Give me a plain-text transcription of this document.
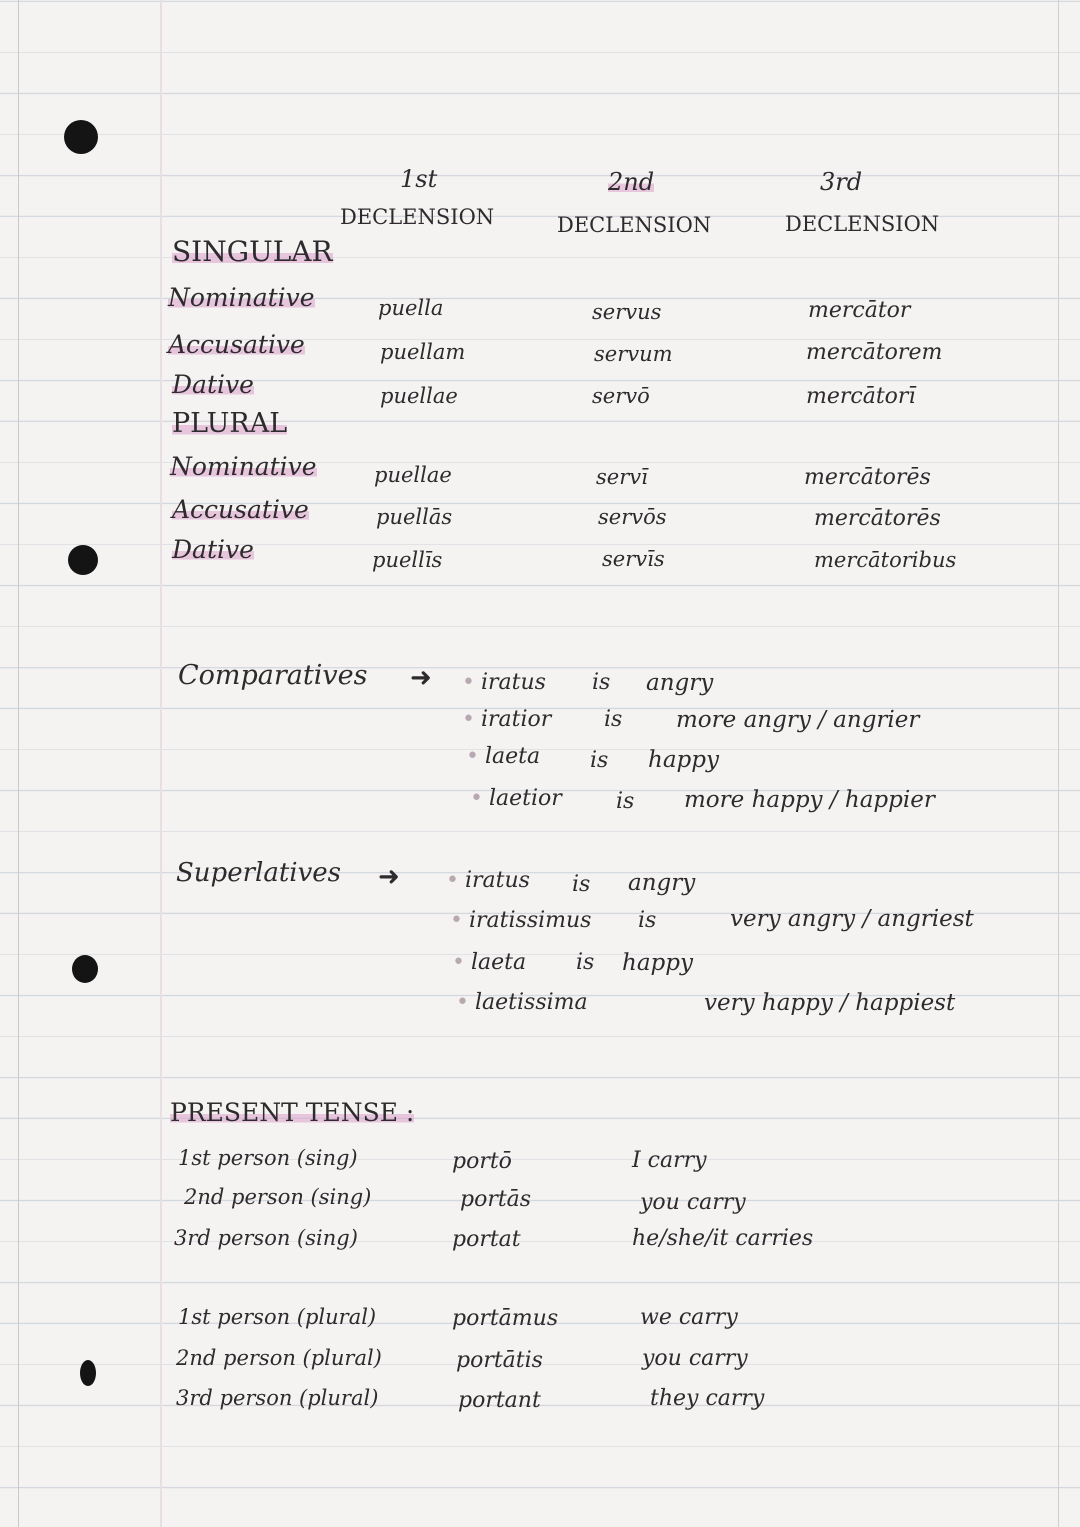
1st
DECLENSION
2nd
DECLENSION
3rd
DECLENSION
SINGULAR
Nominative	puella	servus	mercātor
Accusative	puellam	servum	mercātorem
Dative	puellae	servō	mercātorī
PLURAL
Nominative	puellae	servī	mercātorēs
Accusative	puellās	servōs	mercātorēs
Dative	puellīs	servīs	mercātoribus
Comparatives ➜ • iratus is angry
• iratior is more angry / angrier
• laeta is happy
• laetior is more happy / happier
Superlatives ➜ • iratus is angry
• iratissimus is	very angry / angriest
• laeta is happy
• laetissima	very happy / happiest
PRESENT TENSE :
1st person (sing)	portō	I carry
2nd person (sing)	portās	you carry
3rd person (sing)	portat	he/she/it carries
1st person (plural)	portāmus	we carry
2nd person (plural)	portātis	you carry
3rd person (plural)	portant	they carry
